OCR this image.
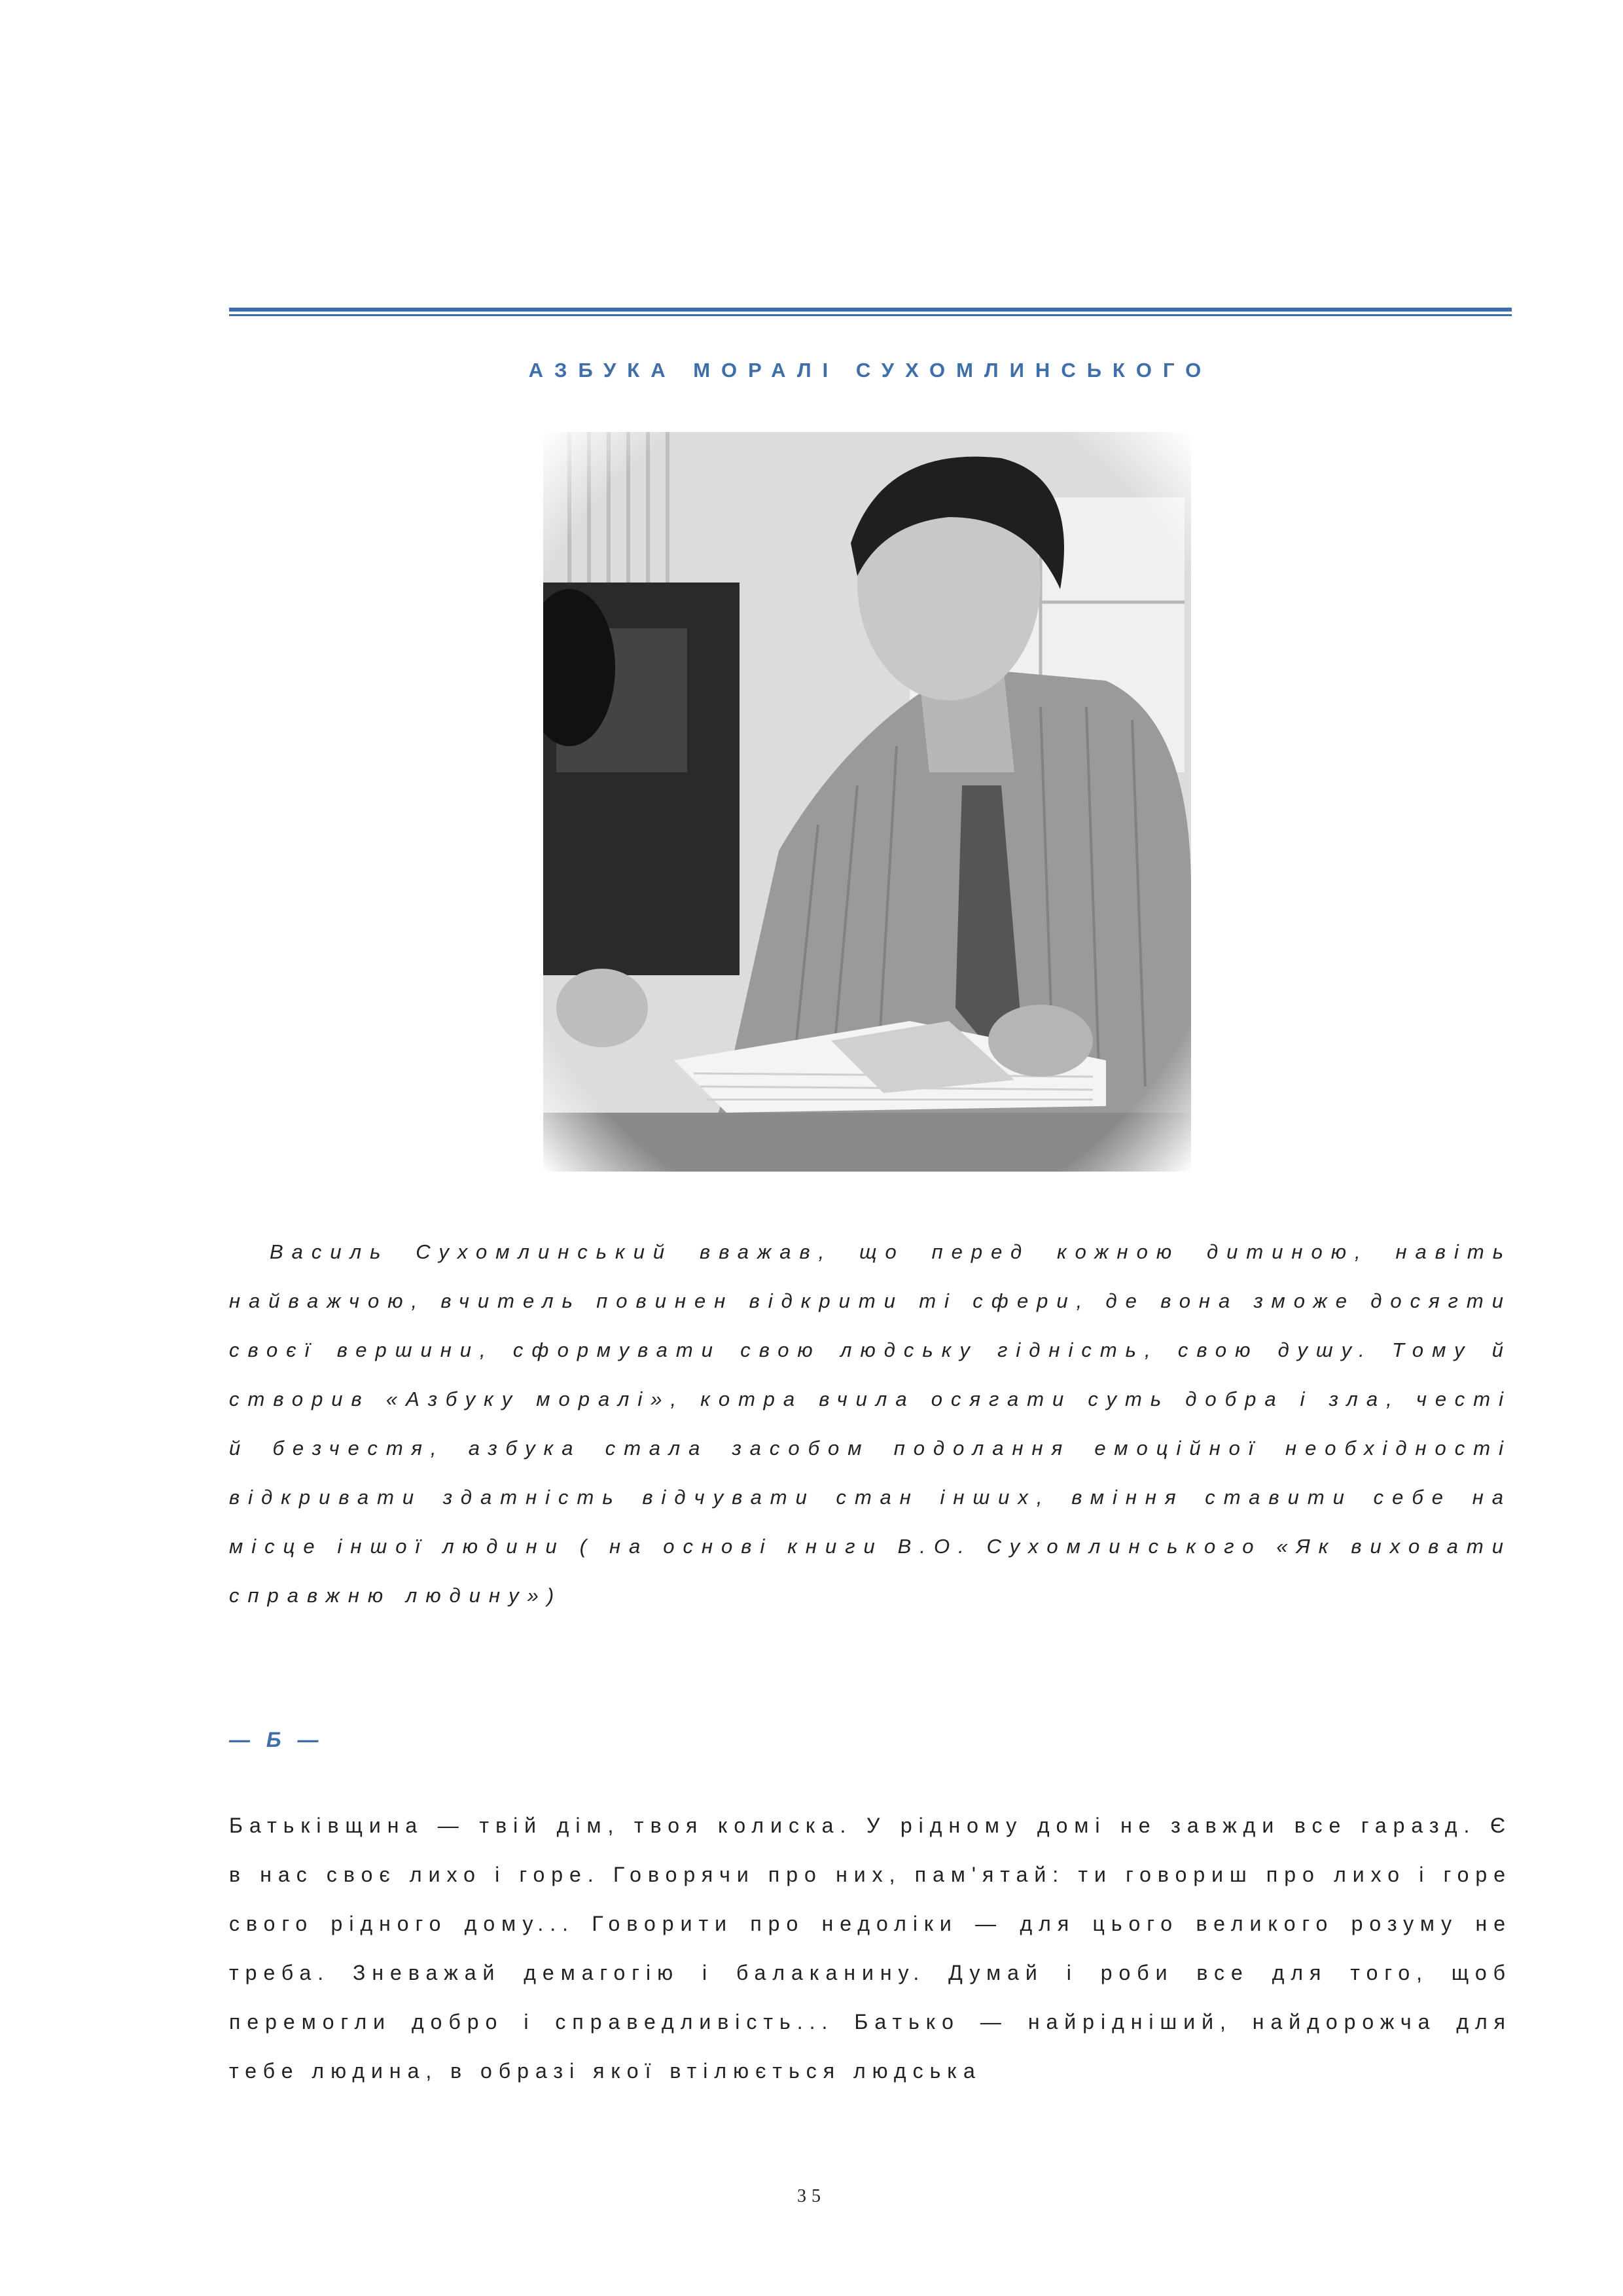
АЗБУКА МОРАЛІ СУХОМЛИНСЬКОГО

Василь Сухомлинський вважав, що перед кожною дитиною, навіть найважчою, вчитель повинен відкрити ті сфери, де вона зможе досягти своєї вершини, сформувати свою людську гідність, свою душу. Тому й створив «Азбуку моралі», котра вчила осягати суть добра і зла, честі й безчестя, азбука стала засобом подолання емоційної необхідності відкривати здатність відчувати стан інших, вміння ставити себе на місце іншої людини ( на основі книги В.О. Сухомлинського «Як виховати справжню людину»)

— Б —

Батьківщина — твій дім, твоя колиска. У рідному домі не завжди все гаразд. Є в нас своє лихо і горе. Говорячи про них, пам'ятай: ти говориш про лихо і горе свого рідного дому... Говорити про недоліки — для цього великого розуму не треба. Зневажай демагогію і балаканину. Думай і роби все для того, щоб перемогли добро і справедливість... Батько — найрідніший, найдорожча для тебе людина, в образі якої втілюється людська

35
